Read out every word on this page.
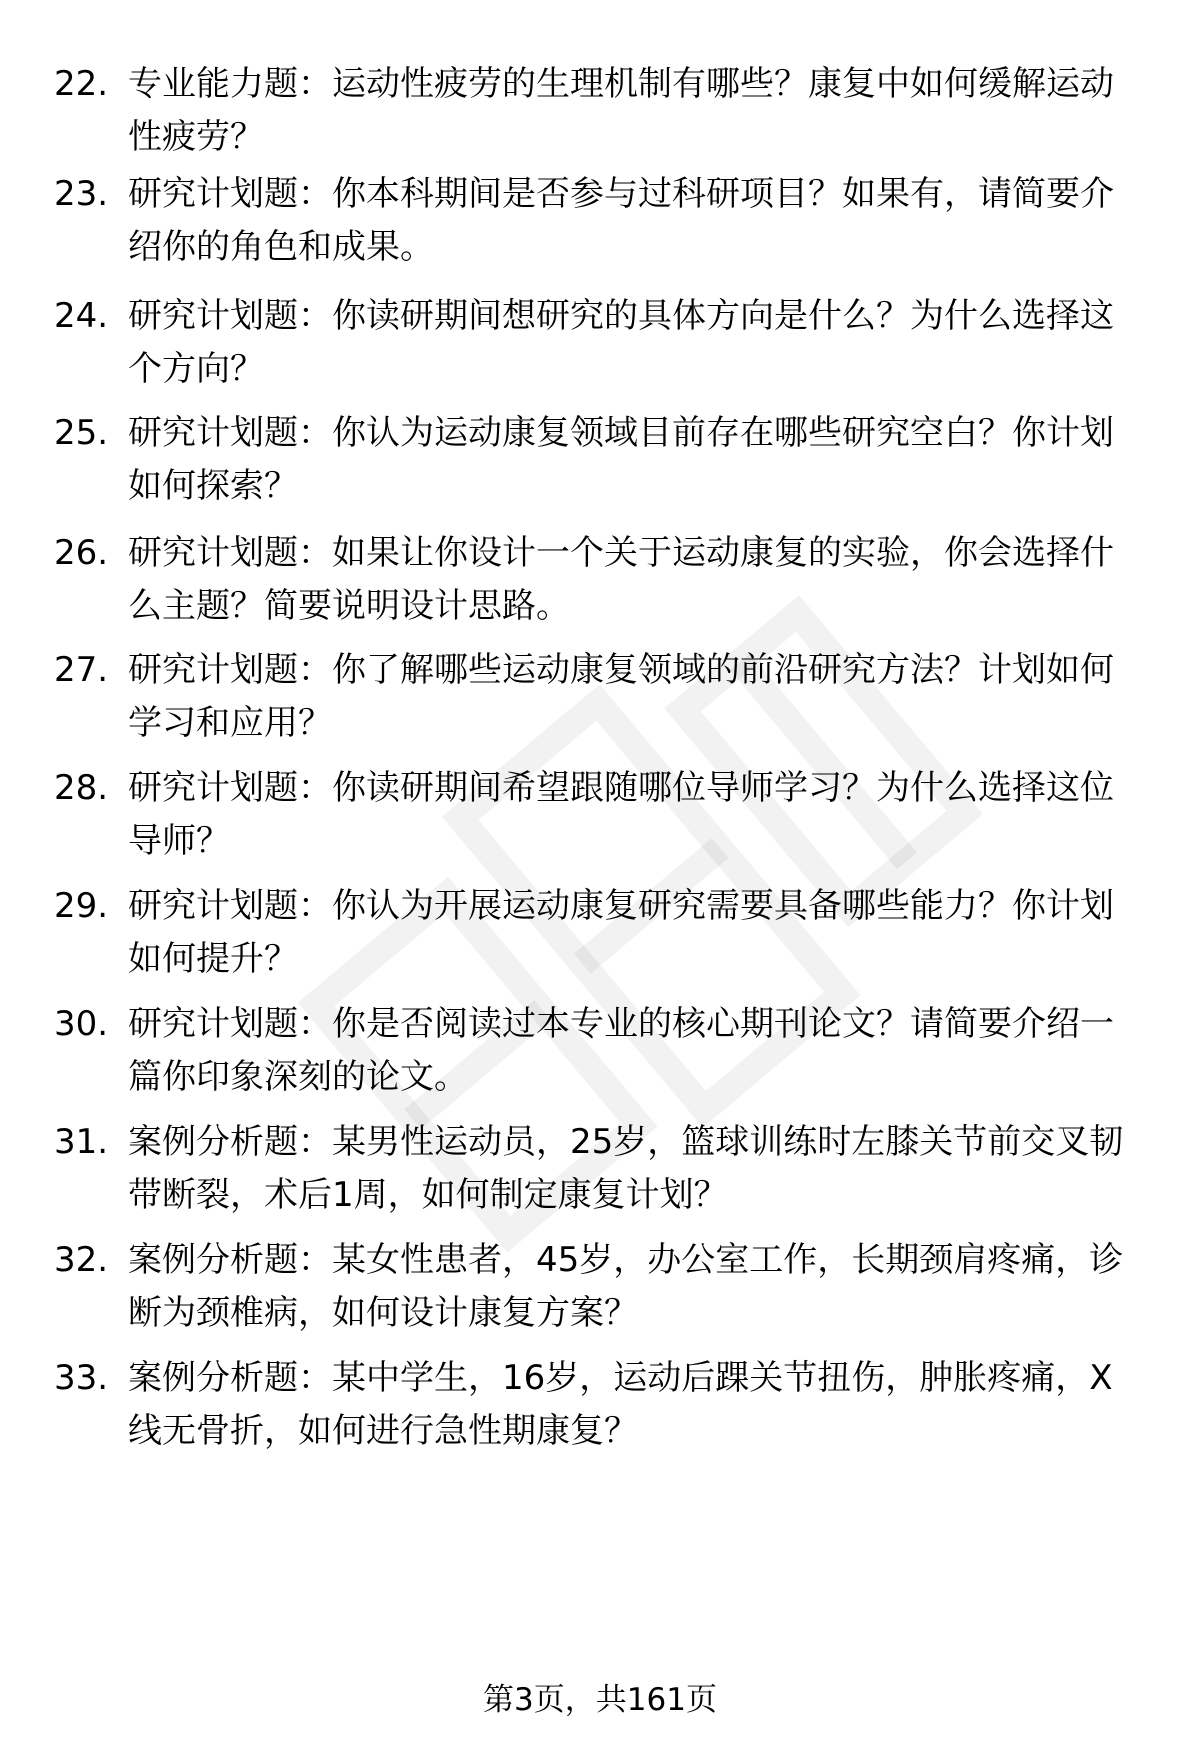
22. 专业能力题：运动性疲劳的生理机制有哪些？康复中如何缓解运动性疲劳？
23. 研究计划题：你本科期间是否参与过科研项目？如果有，请简要介绍你的角色和成果。
24. 研究计划题：你读研期间想研究的具体方向是什么？为什么选择这个方向？
25. 研究计划题：你认为运动康复领域目前存在哪些研究空白？你计划如何探索？
26. 研究计划题：如果让你设计一个关于运动康复的实验，你会选择什么主题？简要说明设计思路。
27. 研究计划题：你了解哪些运动康复领域的前沿研究方法？计划如何学习和应用？
28. 研究计划题：你读研期间希望跟随哪位导师学习？为什么选择这位导师？
29. 研究计划题：你认为开展运动康复研究需要具备哪些能力？你计划如何提升？
30. 研究计划题：你是否阅读过本专业的核心期刊论文？请简要介绍一篇你印象深刻的论文。
31. 案例分析题：某男性运动员，25岁，篮球训练时左膝关节前交叉韧带断裂，术后1周，如何制定康复计划？
32. 案例分析题：某女性患者，45岁，办公室工作，长期颈肩疼痛，诊断为颈椎病，如何设计康复方案？
33. 案例分析题：某中学生，16岁，运动后踝关节扭伤，肿胀疼痛，X线无骨折，如何进行急性期康复？
第3页，共161页
